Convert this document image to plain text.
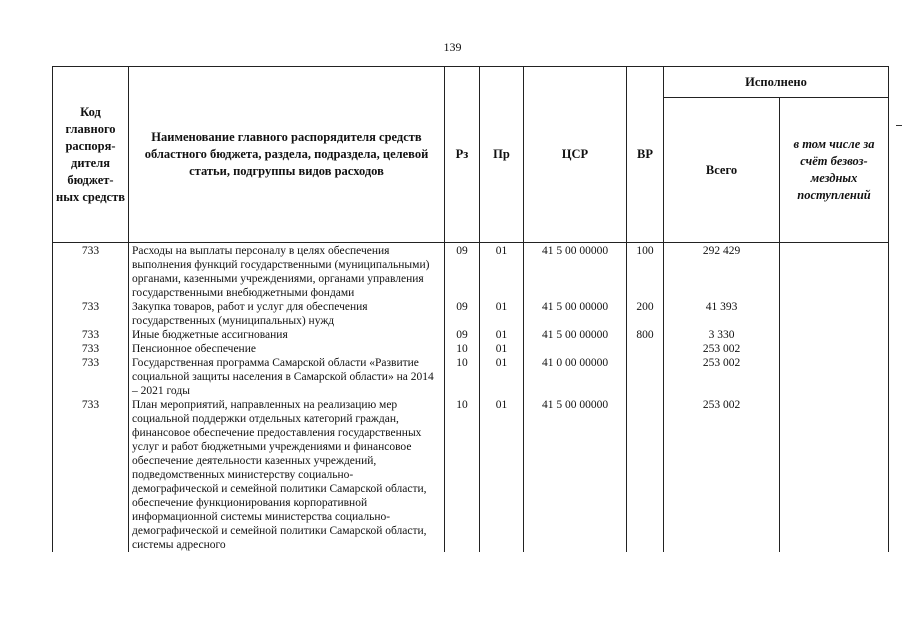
139
Код главного распоря-дителя бюджет-ных средств	Наименование главного распорядителя средств областного бюджета, раздела, подраздела, целевой статьи, подгруппы видов расходов	Рз	Пр	ЦСР	ВР	Исполнено	
						Всего	в том числе за счёт безвоз-мездных поступлений
733	Расходы на выплаты персоналу в целях обеспечения выполнения функций государственными (муниципальными) органами, казенными учреждениями, органами управления государственными внебюджетными фондами	09	01	41 5 00 00000	100	292 429	
733	Закупка товаров, работ и услуг для обеспечения государственных (муниципальных) нужд	09	01	41 5 00 00000	200	41 393	
733	Иные бюджетные ассигнования	09	01	41 5 00 00000	800	3 330	
733	Пенсионное обеспечение	10	01			253 002	
733	Государственная программа Самарской области «Развитие социальной защиты населения в Самарской области» на 2014 – 2021 годы	10	01	41 0 00 00000		253 002	
733	План мероприятий, направленных на реализацию мер социальной поддержки отдельных категорий граждан, финансовое обеспечение предоставления государственных услуг и работ бюджетными учреждениями и финансовое обеспечение деятельности казенных учреждений, подведомственных министерству социально-демографической и семейной политики Самарской области, обеспечение функционирования корпоративной информационной системы министерства социально-демографической и семейной политики Самарской области, системы адресного	10	01	41 5 00 00000		253 002	
